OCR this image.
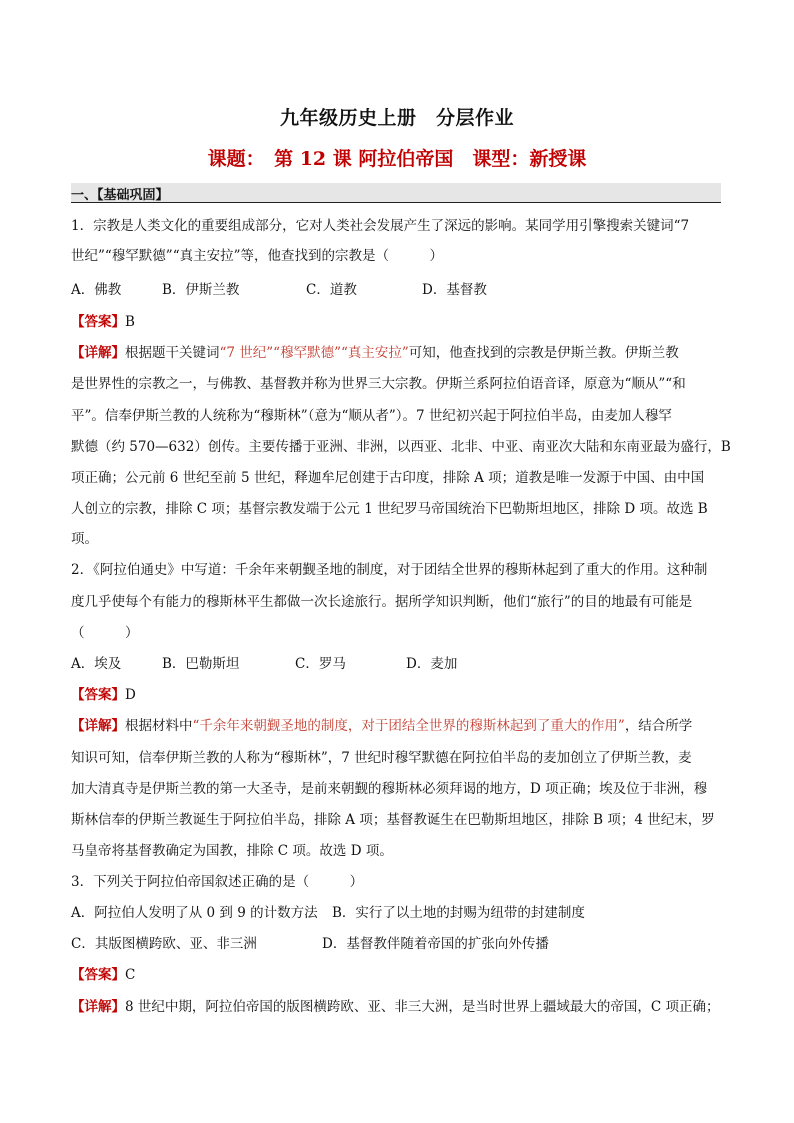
九年级历史上册　分层作业
课题：　第 12 课 阿拉伯帝国　课型：新授课
一、【基础巩固】
1．宗教是人类文化的重要组成部分，它对人类社会发展产生了深远的影响。某同学用引擎搜索关键词“7
世纪”“穆罕默德”“真主安拉”等，他查找到的宗教是（　　　）
A．佛教	B．伊斯兰教	C．道教	D．基督教
【答案】B
【详解】根据题干关键词“7 世纪”“穆罕默德”“真主安拉”可知，他查找到的宗教是伊斯兰教。伊斯兰教
是世界性的宗教之一，与佛教、基督教并称为世界三大宗教。伊斯兰系阿拉伯语音译，原意为“顺从”“和
平”。信奉伊斯兰教的人统称为“穆斯林”（意为“顺从者”）。7 世纪初兴起于阿拉伯半岛，由麦加人穆罕
默德（约 570—632）创传。主要传播于亚洲、非洲，以西亚、北非、中亚、南亚次大陆和东南亚最为盛行，B
项正确；公元前 6 世纪至前 5 世纪，释迦牟尼创建于古印度，排除 A 项；道教是唯一发源于中国、由中国
人创立的宗教，排除 C 项；基督宗教发端于公元 1 世纪罗马帝国统治下巴勒斯坦地区，排除 D 项。故选 B
项。
2．《阿拉伯通史》中写道：千余年来朝觐圣地的制度，对于团结全世界的穆斯林起到了重大的作用。这种制
度几乎使每个有能力的穆斯林平生都做一次长途旅行。据所学知识判断，他们“旅行”的目的地最有可能是
（　　　）
A．埃及	B．巴勒斯坦	C．罗马	D．麦加
【答案】D
【详解】根据材料中“千余年来朝觐圣地的制度，对于团结全世界的穆斯林起到了重大的作用”，结合所学
知识可知，信奉伊斯兰教的人称为“穆斯林”，7 世纪时穆罕默德在阿拉伯半岛的麦加创立了伊斯兰教，麦
加大清真寺是伊斯兰教的第一大圣寺，是前来朝觐的穆斯林必须拜谒的地方，D 项正确；埃及位于非洲，穆
斯林信奉的伊斯兰教诞生于阿拉伯半岛，排除 A 项；基督教诞生在巴勒斯坦地区，排除 B 项；4 世纪末，罗
马皇帝将基督教确定为国教，排除 C 项。故选 D 项。
3．下列关于阿拉伯帝国叙述正确的是（　　　）
A．阿拉伯人发明了从 0 到 9 的计数方法 B．实行了以土地的封赐为纽带的封建制度
C．其版图横跨欧、亚、非三洲	D．基督教伴随着帝国的扩张向外传播
【答案】C
【详解】8 世纪中期，阿拉伯帝国的版图横跨欧、亚、非三大洲，是当时世界上疆域最大的帝国，C 项正确；
